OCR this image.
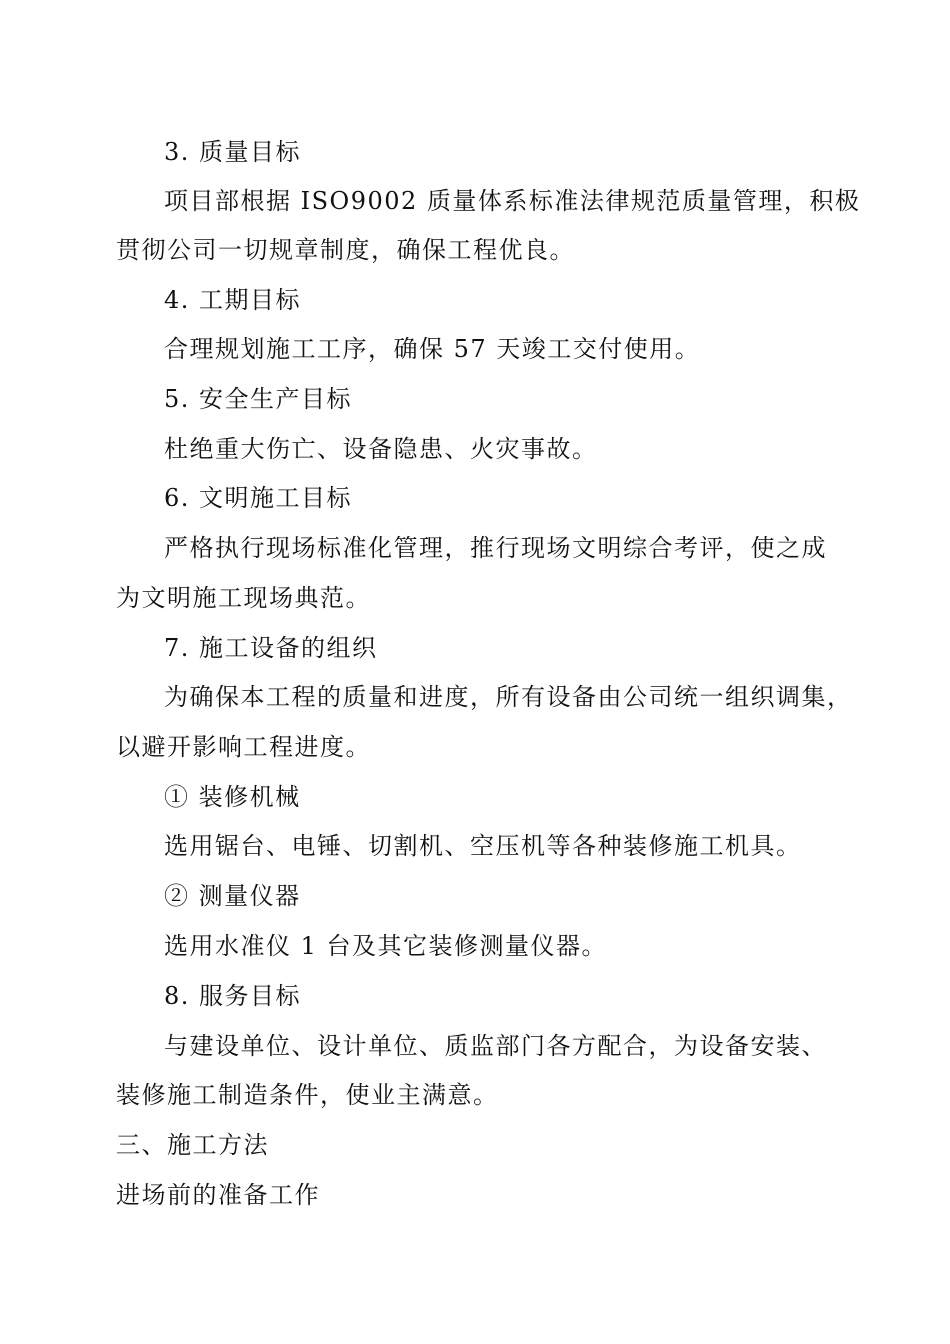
3. 质量目标
项目部根据 ISO9002 质量体系标准法律规范质量管理，积极
贯彻公司一切规章制度，确保工程优良。
4. 工期目标
合理规划施工工序，确保 57 天竣工交付使用。
5. 安全生产目标
杜绝重大伤亡、设备隐患、火灾事故。
6. 文明施工目标
严格执行现场标准化管理，推行现场文明综合考评，使之成
为文明施工现场典范。
7. 施工设备的组织
为确保本工程的质量和进度，所有设备由公司统一组织调集，
以避开影响工程进度。
① 装修机械
选用锯台、电锤、切割机、空压机等各种装修施工机具。
② 测量仪器
选用水准仪 1 台及其它装修测量仪器。
8. 服务目标
与建设单位、设计单位、质监部门各方配合，为设备安装、
装修施工制造条件，使业主满意。
三、施工方法
进场前的准备工作
